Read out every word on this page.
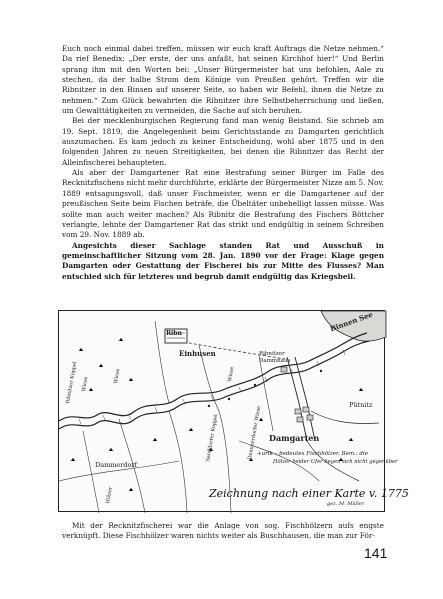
Euch noch einmal dabei treffen, müssen wir euch kraft Auftrags die Netze nehmen.“ Da rief Benedix: „Der erste, der uns anfaßt, hat seinen Kirchhof hier!“ Und Berlin sprang ihm mit den Worten bei: „Unser Bürgermeister hat uns befohlen, Aale zu stechen, da der halbe Strom dem Könige von Preußen gehört. Treffen wir die Ribnitzer in den Binsen auf unserer Seite, so haben wir Befehl, ihnen die Netze zu nehmen.“ Zum Glück bewahrten die Ribnitzer ihre Selbstbeherrschung und ließen, um Gewalttätigkeiten zu vermeiden, die Sache auf sich beruhen.

Bei der mecklenburgischen Regierung fand man wenig Beistand. Sie schrieb am 19. Sept. 1819, die Angelegenheit beim Gerichtsstande zu Damgarten gerichtlich auszumachen. Es kam jedoch zu keiner Entscheidung, wohl aber 1875 und in den folgenden Jahren zu neuen Streitigkeiten, bei denen die Ribnitzer das Recht der Alleinfischerei behaupteten.

Als aber der Damgartener Rat eine Bestrafung seiner Bürger im Falle des Recknitzfischens nicht mehr durchführte, erklärte der Bürgermeister Nizze am 5. Nov. 1889 entsagungsvoll, daß unser Fischmeister, wenn er die Damgartener auf der preußischen Seite beim Fischen beträfe, die Übeltäter unbehelligt lassen müsse. Was sollte man auch weiter machen? Als Ribnitz die Bestrafung des Fischers Böttcher verlangte, lehnte der Damgartener Rat das strikt und endgültig in seinem Schreiben vom 29. Nov. 1889 ab.

Angesichts dieser Sachlage standen Rat und Ausschuß in gemeinschaftlicher Sitzung vom 28. Jan. 1890 vor der Frage: Klage gegen Damgarten oder Gestattung der Fischerei bis zur Mitte des Flusses? Man entschied sich für letzteres und begrub damit endgültig das Kriegsbeil.

Ribn
Einhusen
Binnen See
Ribnitzer Dammhaus
Pütnitz
Damgarten
Dammerdorf
Ribnitzer Koppel Wiese
Wiese	Wiese
Sanddorfer Koppel	Dammerdorfer Wiese
Hölzer
+urik – bedeutes Fischhölzer. Bem.: die
Hölzer beider Ufer liegen sich nicht gegenüber
Zeichnung nach einer Karte v. 1775
gez. M. Müller

Mit der Recknitzfischerei war die Anlage von sog. Fischhölzern aufs engste verknüpft. Diese Fischhölzer waren nichts weiter als Buschhausen, die man zur För-

141
